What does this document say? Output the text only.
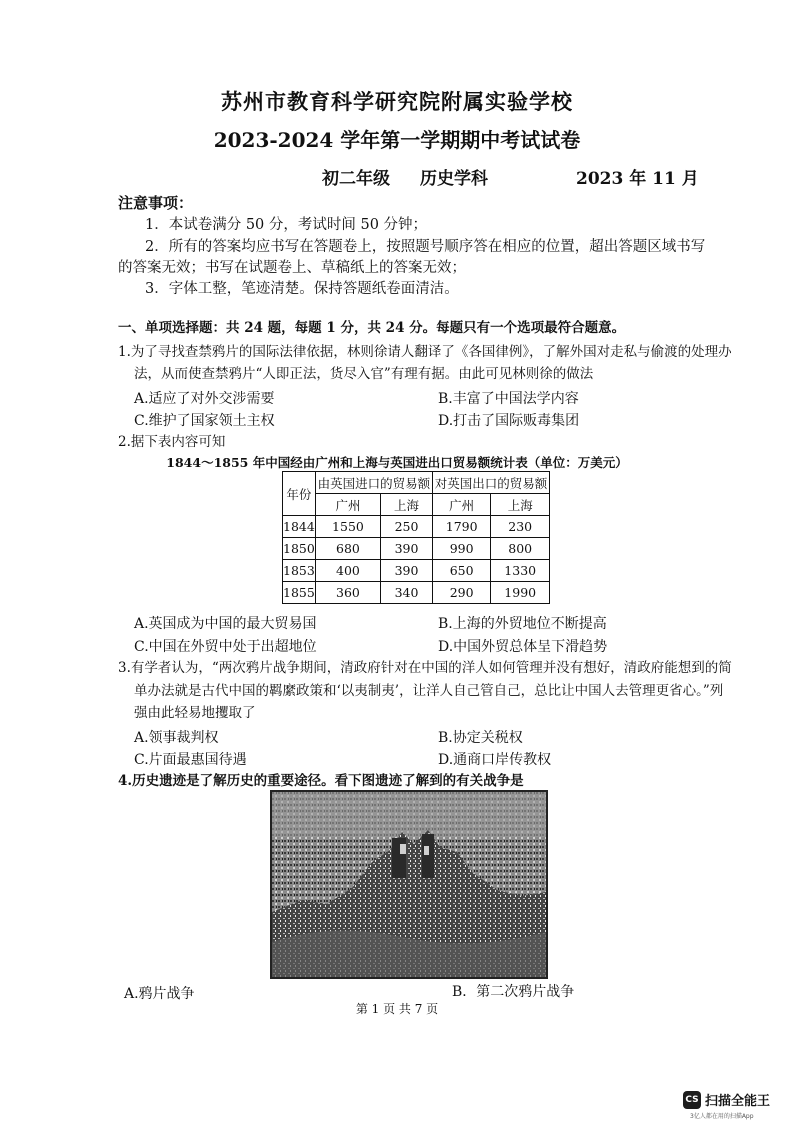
苏州市教育科学研究院附属实验学校
2023-2024 学年第一学期期中考试试卷
初二年级 历史学科	2023 年 11 月
注意事项：
1．本试卷满分 50 分，考试时间 50 分钟；
2．所有的答案均应书写在答题卷上，按照题号顺序答在相应的位置，超出答题区域书写
的答案无效；书写在试题卷上、草稿纸上的答案无效；
3．字体工整，笔迹清楚。保持答题纸卷面清洁。
一、单项选择题：共 24 题，每题 1 分，共 24 分。每题只有一个选项最符合题意。
1.为了寻找查禁鸦片的国际法律依据，林则徐请人翻译了《各国律例》，了解外国对走私与偷渡的处理办
法，从而使查禁鸦片“人即正法，货尽入官”有理有据。由此可见林则徐的做法
A.适应了对外交涉需要	B.丰富了中国法学内容
C.维护了国家领土主权	D.打击了国际贩毒集团
2.据下表内容可知
1844～1855 年中国经由广州和上海与英国进出口贸易额统计表（单位：万美元）
年份	由英国进口的贸易额		对英国出口的贸易额	
	广州	上海	广州	上海
1844	1550	250	1790	230
1850	680	390	990	800
1853	400	390	650	1330
1855	360	340	290	1990
A.英国成为中国的最大贸易国	B.上海的外贸地位不断提高
C.中国在外贸中处于出超地位	D.中国外贸总体呈下滑趋势
3.有学者认为，“两次鸦片战争期间，清政府针对在中国的洋人如何管理并没有想好，清政府能想到的简
单办法就是古代中国的羁縻政策和‘以夷制夷’，让洋人自己管自己，总比让中国人去管理更省心。”列
强由此轻易地攫取了
A.领事裁判权	B.协定关税权
C.片面最惠国待遇	D.通商口岸传教权
4.历史遗迹是了解历史的重要途径。看下图遗迹了解到的有关战争是
A.鸦片战争	B．第二次鸦片战争
第 1 页 共 7 页
CS 扫描全能王
3亿人都在用的扫描App
